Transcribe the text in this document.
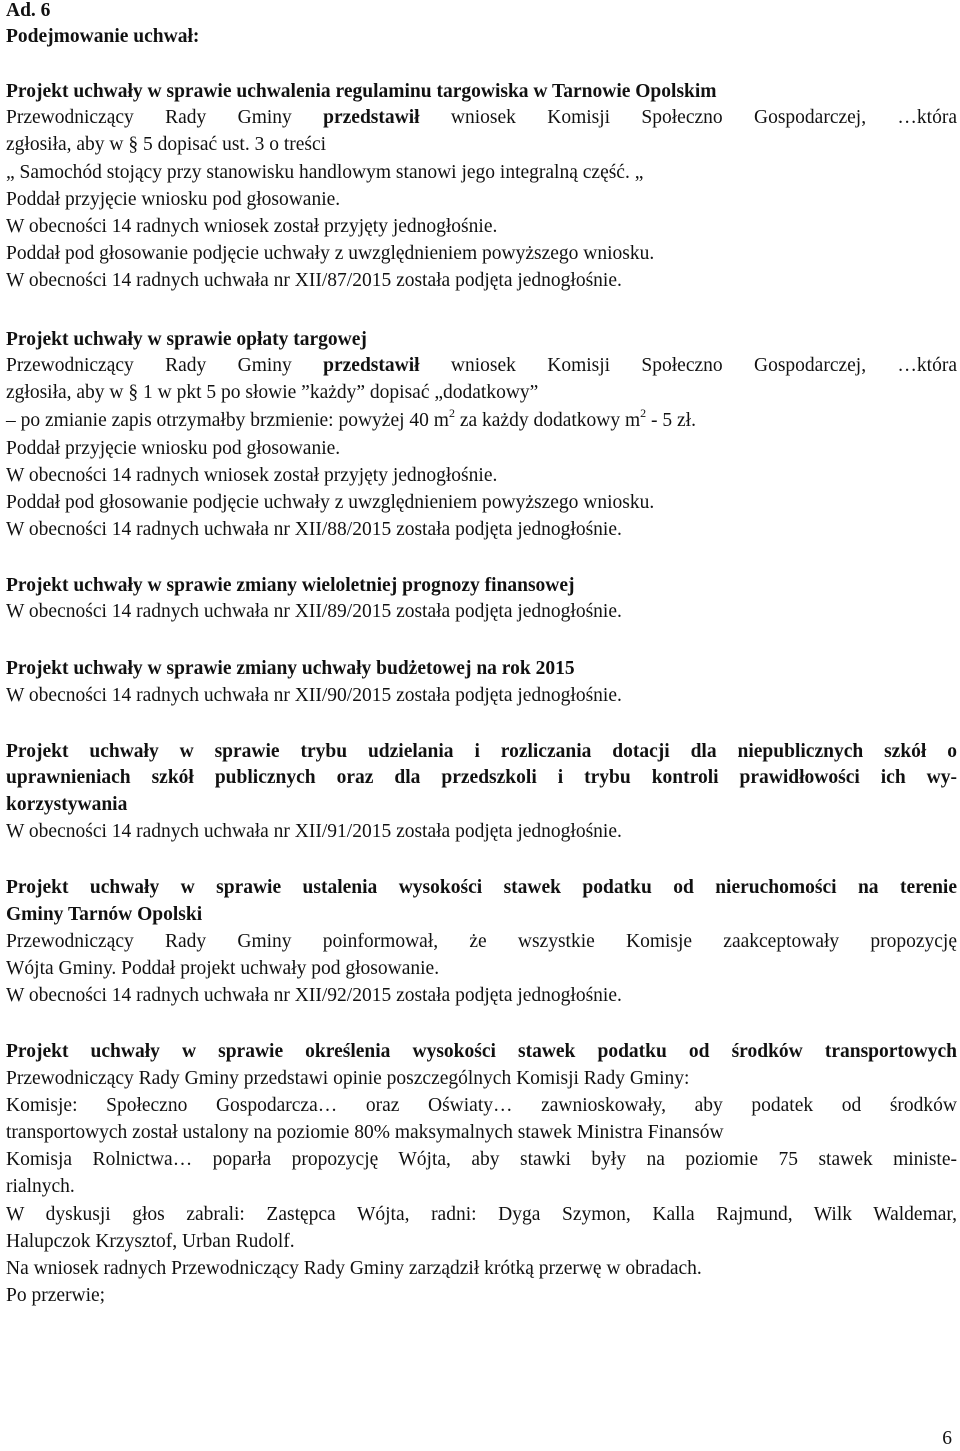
Ad. 6
Podejmowanie uchwał:
Projekt uchwały w sprawie uchwalenia regulaminu targowiska w Tarnowie Opolskim
Przewodniczący Rady Gminy przedstawił wniosek Komisji Społeczno Gospodarczej, …która
zgłosiła, aby w § 5 dopisać ust. 3 o treści
„ Samochód stojący przy stanowisku handlowym stanowi jego integralną część. „
Poddał przyjęcie wniosku pod głosowanie.
W obecności 14 radnych wniosek został przyjęty jednogłośnie.
Poddał pod głosowanie podjęcie uchwały z uwzględnieniem powyższego wniosku.
W obecności 14 radnych uchwała nr XII/87/2015 została podjęta jednogłośnie.
Projekt uchwały w sprawie opłaty targowej
Przewodniczący Rady Gminy przedstawił wniosek Komisji Społeczno Gospodarczej, …która
zgłosiła, aby w § 1 w pkt 5 po słowie ”każdy” dopisać „dodatkowy”
– po zmianie zapis otrzymałby brzmienie: powyżej 40 $m^2$ za każdy dodatkowy $m^2 - 5$ zł.
Poddał przyjęcie wniosku pod głosowanie.
W obecności 14 radnych wniosek został przyjęty jednogłośnie.
Poddał pod głosowanie podjęcie uchwały z uwzględnieniem powyższego wniosku.
W obecności 14 radnych uchwała nr XII/88/2015 została podjęta jednogłośnie.
Projekt uchwały w sprawie zmiany wieloletniej prognozy finansowej
W obecności 14 radnych uchwała nr XII/89/2015 została podjęta jednogłośnie.
Projekt uchwały w sprawie zmiany uchwały budżetowej na rok 2015
W obecności 14 radnych uchwała nr XII/90/2015 została podjęta jednogłośnie.
Projekt uchwały w sprawie trybu udzielania i rozliczania dotacji dla niepublicznych szkół o
uprawnieniach szkół publicznych oraz dla przedszkoli i trybu kontroli prawidłowości ich wy-
korzystywania
W obecności 14 radnych uchwała nr XII/91/2015 została podjęta jednogłośnie.
Projekt uchwały w sprawie ustalenia wysokości stawek podatku od nieruchomości na terenie
Gminy Tarnów Opolski
Przewodniczący Rady Gminy poinformował, że wszystkie Komisje zaakceptowały propozycję
Wójta Gminy. Poddał projekt uchwały pod głosowanie.
W obecności 14 radnych uchwała nr XII/92/2015 została podjęta jednogłośnie.
Projekt uchwały w sprawie określenia wysokości stawek podatku od środków transportowych
Przewodniczący Rady Gminy przedstawi opinie poszczególnych Komisji Rady Gminy:
Komisje: Społeczno Gospodarcza… oraz Oświaty… zawnioskowały, aby podatek od środków
transportowych został ustalony na poziomie 80% maksymalnych stawek Ministra Finansów
Komisja Rolnictwa… poparła propozycję Wójta, aby stawki były na poziomie 75 stawek ministe-
rialnych.
W dyskusji głos zabrali: Zastępca Wójta, radni: Dyga Szymon, Kalla Rajmund, Wilk Waldemar,
Halupczok Krzysztof, Urban Rudolf.
Na wniosek radnych Przewodniczący Rady Gminy zarządził krótką przerwę w obradach.
Po przerwie;
6
